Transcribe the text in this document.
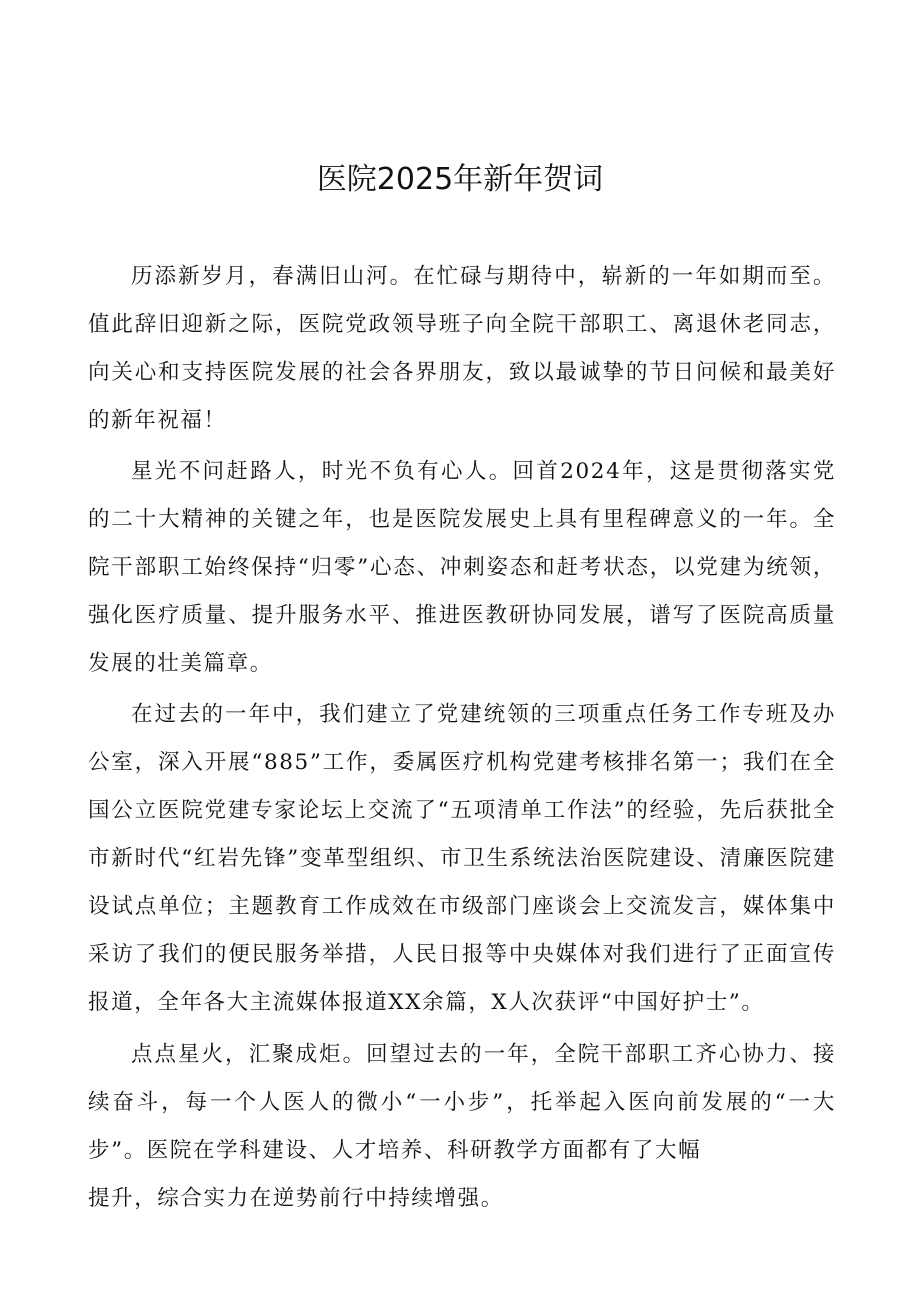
医院2025年新年贺词

历添新岁月，春满旧山河。在忙碌与期待中，崭新的一年如期而至。值此辞旧迎新之际，医院党政领导班子向全院干部职工、离退休老同志，向关心和支持医院发展的社会各界朋友，致以最诚挚的节日问候和最美好的新年祝福！

星光不问赶路人，时光不负有心人。回首2024年，这是贯彻落实党的二十大精神的关键之年，也是医院发展史上具有里程碑意义的一年。全院干部职工始终保持“归零”心态、冲刺姿态和赶考状态，以党建为统领，强化医疗质量、提升服务水平、推进医教研协同发展，谱写了医院高质量发展的壮美篇章。

在过去的一年中，我们建立了党建统领的三项重点任务工作专班及办公室，深入开展“885”工作，委属医疗机构党建考核排名第一；我们在全国公立医院党建专家论坛上交流了“五项清单工作法”的经验，先后获批全市新时代“红岩先锋”变革型组织、市卫生系统法治医院建设、清廉医院建设试点单位；主题教育工作成效在市级部门座谈会上交流发言，媒体集中采访了我们的便民服务举措，人民日报等中央媒体对我们进行了正面宣传报道，全年各大主流媒体报道XX余篇，X人次获评“中国好护士”。

点点星火，汇聚成炬。回望过去的一年，全院干部职工齐心协力、接续奋斗，每一个人医人的微小“一小步”，托举起入医向前发展的“一大步”。医院在学科建设、人才培养、科研教学方面都有了大幅

提升，综合实力在逆势前行中持续增强。
